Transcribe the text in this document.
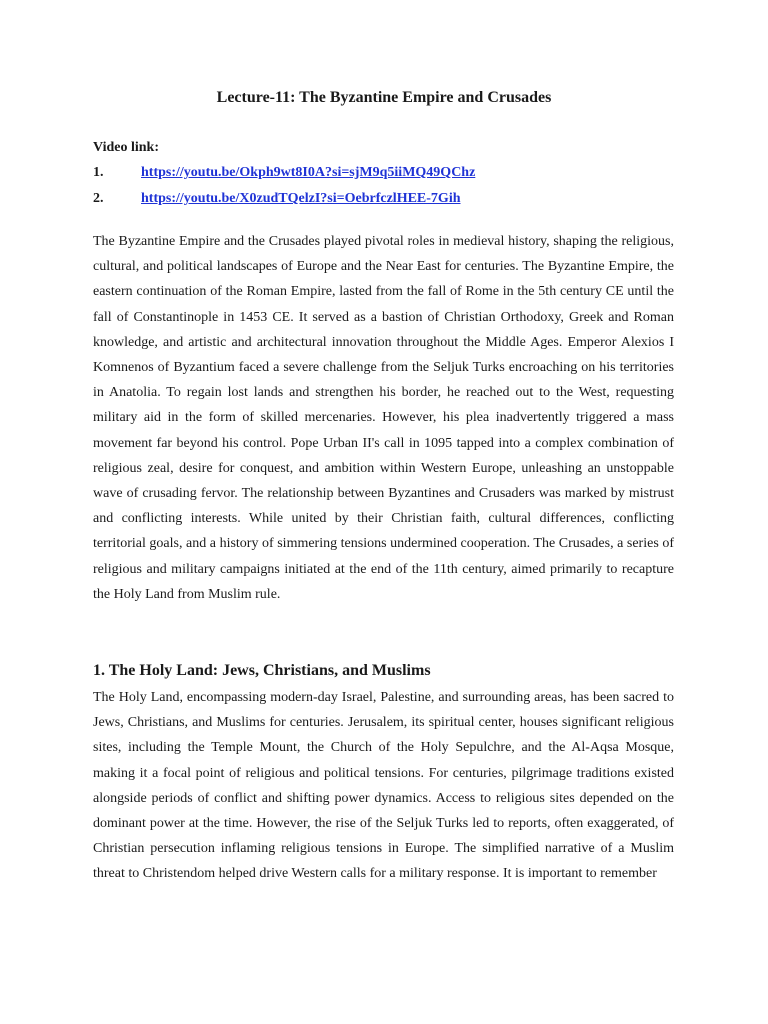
Lecture-11: The Byzantine Empire and Crusades
Video link:
1.	https://youtu.be/Okph9wt8I0A?si=sjM9q5iiMQ49QChz
2.	https://youtu.be/X0zudTQelzI?si=OebrfczlHEE-7Gih

The Byzantine Empire and the Crusades played pivotal roles in medieval history, shaping the religious, cultural, and political landscapes of Europe and the Near East for centuries. The Byzantine Empire, the eastern continuation of the Roman Empire, lasted from the fall of Rome in the 5th century CE until the fall of Constantinople in 1453 CE. It served as a bastion of Christian Orthodoxy, Greek and Roman knowledge, and artistic and architectural innovation throughout the Middle Ages. Emperor Alexios I Komnenos of Byzantium faced a severe challenge from the Seljuk Turks encroaching on his territories in Anatolia. To regain lost lands and strengthen his border, he reached out to the West, requesting military aid in the form of skilled mercenaries. However, his plea inadvertently triggered a mass movement far beyond his control. Pope Urban II's call in 1095 tapped into a complex combination of religious zeal, desire for conquest, and ambition within Western Europe, unleashing an unstoppable wave of crusading fervor. The relationship between Byzantines and Crusaders was marked by mistrust and conflicting interests. While united by their Christian faith, cultural differences, conflicting territorial goals, and a history of simmering tensions undermined cooperation. The Crusades, a series of religious and military campaigns initiated at the end of the 11th century, aimed primarily to recapture the Holy Land from Muslim rule.

1. The Holy Land: Jews, Christians, and Muslims

The Holy Land, encompassing modern-day Israel, Palestine, and surrounding areas, has been sacred to Jews, Christians, and Muslims for centuries. Jerusalem, its spiritual center, houses significant religious sites, including the Temple Mount, the Church of the Holy Sepulchre, and the Al-Aqsa Mosque, making it a focal point of religious and political tensions. For centuries, pilgrimage traditions existed alongside periods of conflict and shifting power dynamics. Access to religious sites depended on the dominant power at the time. However, the rise of the Seljuk Turks led to reports, often exaggerated, of Christian persecution inflaming religious tensions in Europe. The simplified narrative of a Muslim threat to Christendom helped drive Western calls for a military response. It is important to remember
